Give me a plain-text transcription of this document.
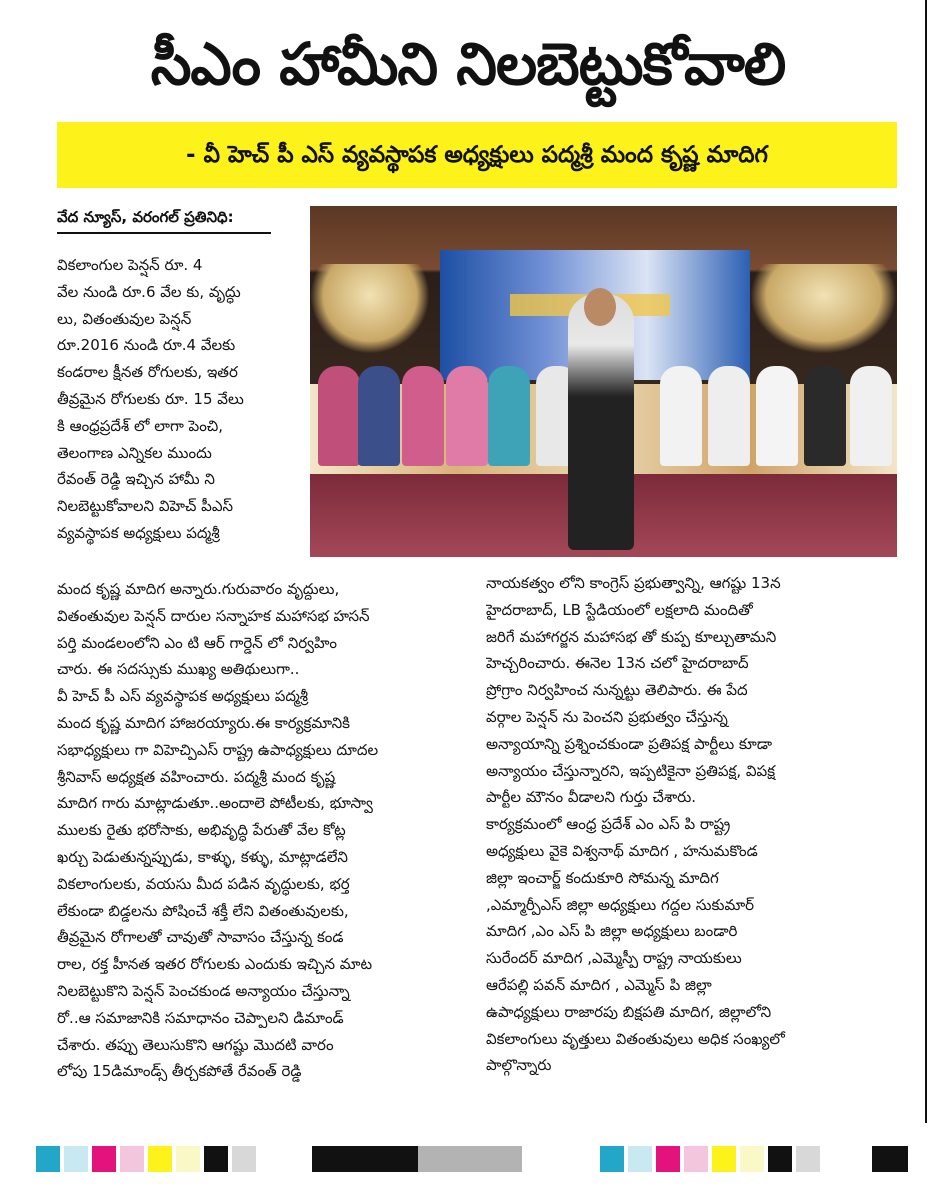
సీఎం హామీని నిలబెట్టుకోవాలి
- వీ హెచ్ పీ ఎస్ వ్యవస్థాపక అధ్యక్షులు పద్మశ్రీ మంద కృష్ణ మాదిగ
వేద న్యూస్, వరంగల్ ప్రతినిధి:
వికలాంగుల పెన్షన్ రూ. 4
వేల నుండి రూ.6 వేల కు, వృద్ధు
లు, వితంతువుల పెన్షన్
రూ.2016 నుండి రూ.4 వేలకు
కండరాల క్షీనత రోగులకు, ఇతర
తీవ్రమైన రోగులకు రూ. 15 వేలు
కి ఆంధ్రప్రదేశ్ లో లాగా పెంచి,
తెలంగాణ ఎన్నికల ముందు
రేవంత్ రెడ్డి ఇచ్చిన హామీ ని
నిలబెట్టుకోవాలని విహెచ్ పీఎస్
వ్యవస్థాపక అధ్యక్షులు పద్మశ్రీ
మంద కృష్ణ మాదిగ అన్నారు.గురువారం వృద్దులు,
వితంతువుల పెన్షన్ దారుల సన్నాహక మహాసభ హసన్
పర్తి మండలంలోని ఎం టి ఆర్ గార్డెన్ లో నిర్వహిం
చారు. ఈ సదస్సుకు ముఖ్య అతిథులుగా..
వీ హెచ్ పీ ఎస్ వ్యవస్థాపక అధ్యక్షులు పద్మశ్రీ
మంద కృష్ణ మాదిగ హాజరయ్యారు.ఈ కార్యక్రమానికి
సభాధ్యక్షులు గా విహెచ్పిఎస్ రాష్ట్ర ఉపాధ్యక్షులు దూదల
శ్రీనివాస్ అధ్యక్షత వహించారు. పద్మశ్రీ మంద కృష్ణ
మాదిగ గారు మాట్లాడుతూ..అందాలె పోటీలకు, భూస్వా
ములకు రైతు భరోసాకు, అభివృద్ధి పేరుతో వేల కోట్ల
ఖర్చు పెడుతున్నప్పుడు, కాళ్ళు, కళ్ళు, మాట్లాడలేని
వికలాంగులకు, వయసు మీద పడిన వృద్ధులకు, భర్త
లేకుండా బిడ్డలను పోషించే శక్తీ లేని వితంతువులకు,
తీవ్రమైన రోగాలతో చావుతో సావాసం చేస్తున్న కండ
రాల, రక్త హీనత ఇతర రోగులకు ఎందుకు ఇచ్చిన మాట
నిలబెట్టుకొని పెన్షన్ పెంచకుండ అన్యాయం చేస్తున్నా
రో..ఆ సమాజానికి సమాధానం చెప్పాలని డిమాండ్
చేశారు. తప్పు తెలుసుకొని ఆగష్టు మొదటి వారం
లోపు 15డిమాండ్స్ తీర్చకపోతే రేవంత్ రెడ్డి
నాయకత్వం లోని కాంగ్రెస్ ప్రభుత్వాన్ని, ఆగష్టు 13న
హైదరాబాద్, LB స్టేడియంలో లక్షలాది మందితో
జరిగే మహాగర్జన మహాసభ తో కుప్ప కూల్చుతామని
హెచ్చరించారు. ఈనెల 13న చలో హైదరాబాద్
ప్రోగ్రాం నిర్వహించ నున్నట్టు తెలిపారు. ఈ పేద
వర్గాల పెన్షన్ ను పెంచని ప్రభుత్వం చేస్తున్న
అన్యాయాన్ని ప్రశ్నించకుండా ప్రతిపక్ష పార్టీలు కూడా
అన్యాయం చేస్తున్నారని, ఇప్పటికైనా ప్రతిపక్ష, విపక్ష
పార్టీల మౌనం వీడాలని గుర్తు చేశారు.
కార్యక్రమంలో ఆంధ్ర ప్రదేశ్ ఎం ఎస్ పి రాష్ట్ర
అధ్యక్షులు వైకె విశ్వనాథ్ మాదిగ , హనుమకొండ
జిల్లా ఇంచార్జ్ కందుకూరి సోమన్న మాదిగ
,ఎమ్మార్పీఎస్ జిల్లా అధ్యక్షులు గద్దల సుకుమార్
మాదిగ ,ఎం ఎస్ పి జిల్లా అధ్యక్షులు బండారి
సురేందర్ మాదిగ ,ఎమ్మెస్పీ రాష్ట్ర నాయకులు
ఆరేపల్లి పవన్ మాదిగ , ఎమ్మెస్ పి జిల్లా
ఉపాధ్యక్షులు రాజారపు బిక్షపతి మాదిగ, జిల్లాలోని
వికలాంగులు వృత్తులు వితంతువులు అధిక సంఖ్యలో
పాల్గొన్నారు
